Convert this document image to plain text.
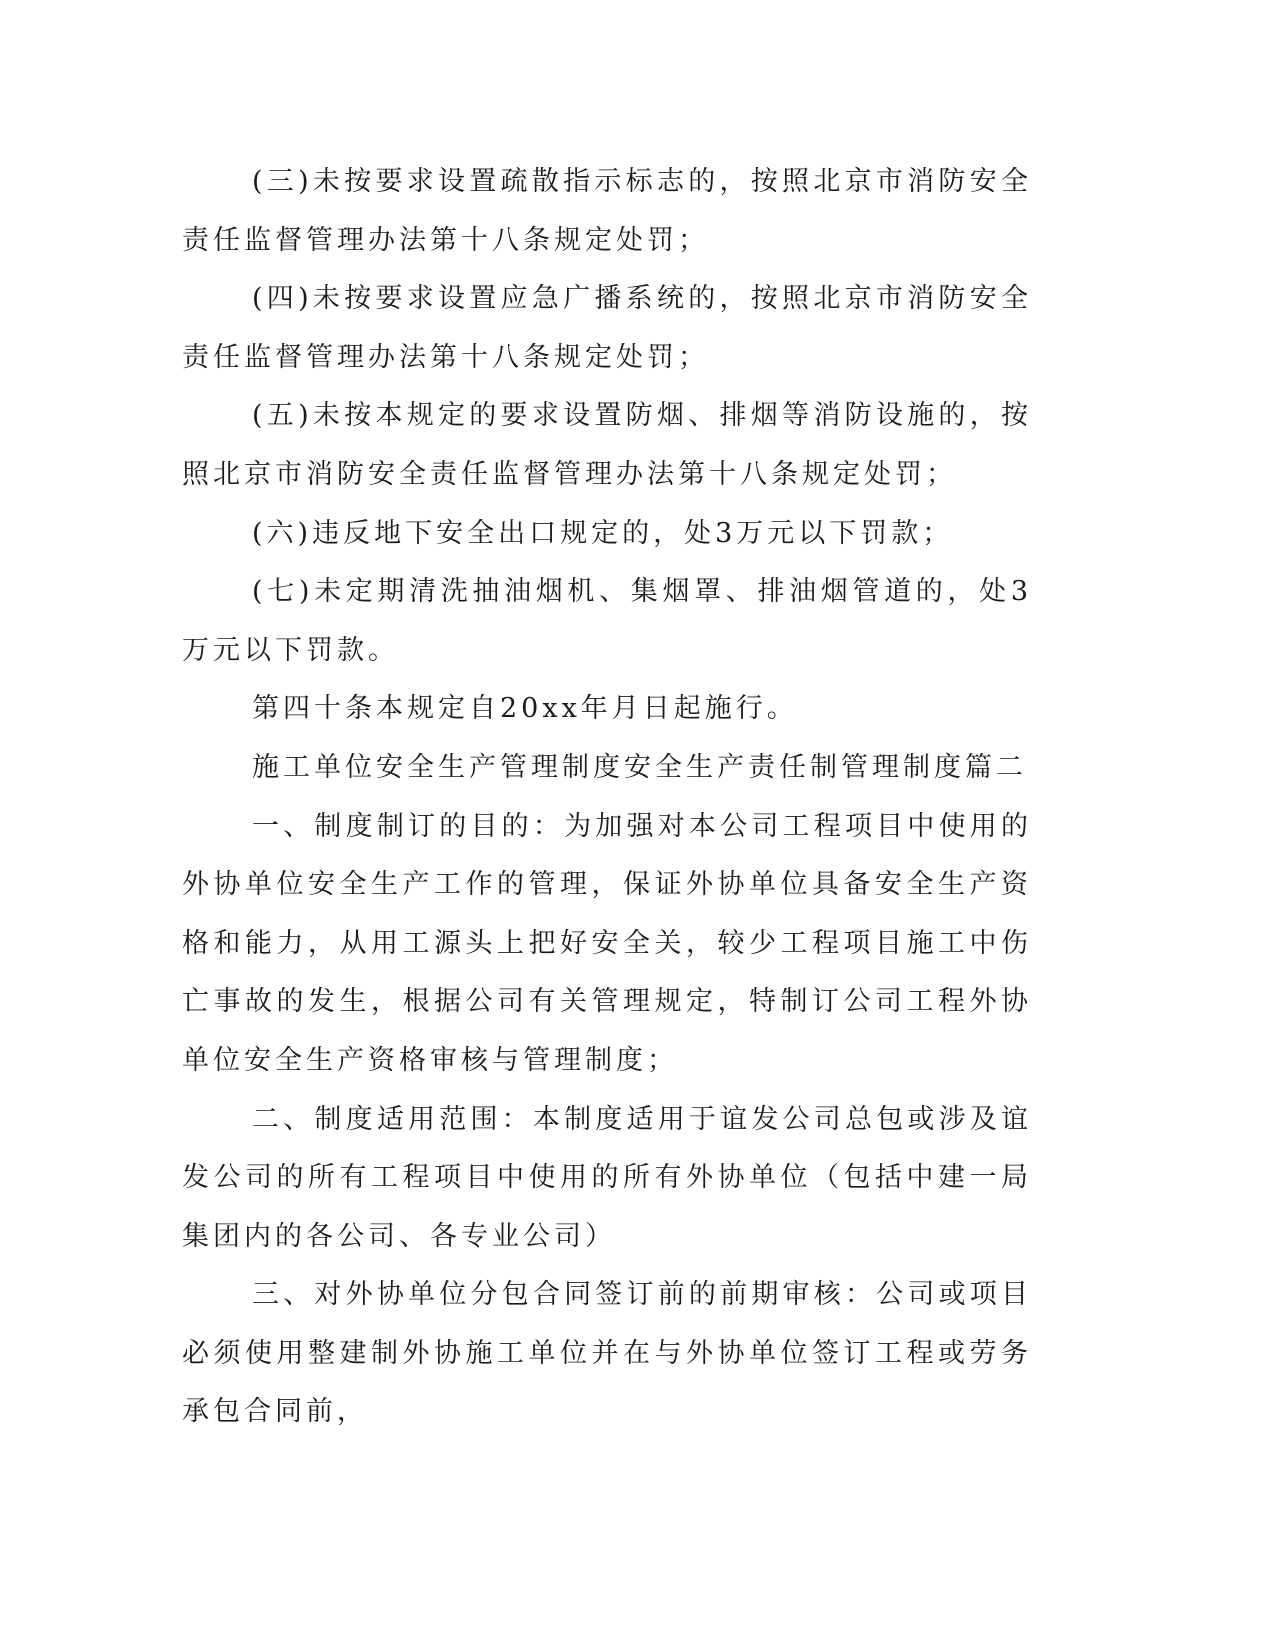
(三)未按要求设置疏散指示标志的，按照北京市消防安全责任监督管理办法第十八条规定处罚；

(四)未按要求设置应急广播系统的，按照北京市消防安全责任监督管理办法第十八条规定处罚；

(五)未按本规定的要求设置防烟、排烟等消防设施的，按照北京市消防安全责任监督管理办法第十八条规定处罚；

(六)违反地下安全出口规定的，处3万元以下罚款；

(七)未定期清洗抽油烟机、集烟罩、排油烟管道的，处3万元以下罚款。

第四十条本规定自20xx年月日起施行。

施工单位安全生产管理制度安全生产责任制管理制度篇二

一、制度制订的目的：为加强对本公司工程项目中使用的外协单位安全生产工作的管理，保证外协单位具备安全生产资格和能力，从用工源头上把好安全关，较少工程项目施工中伤亡事故的发生，根据公司有关管理规定，特制订公司工程外协单位安全生产资格审核与管理制度；

二、制度适用范围：本制度适用于谊发公司总包或涉及谊发公司的所有工程项目中使用的所有外协单位（包括中建一局集团内的各公司、各专业公司）

三、对外协单位分包合同签订前的前期审核：公司或项目必须使用整建制外协施工单位并在与外协单位签订工程或劳务承包合同前，
